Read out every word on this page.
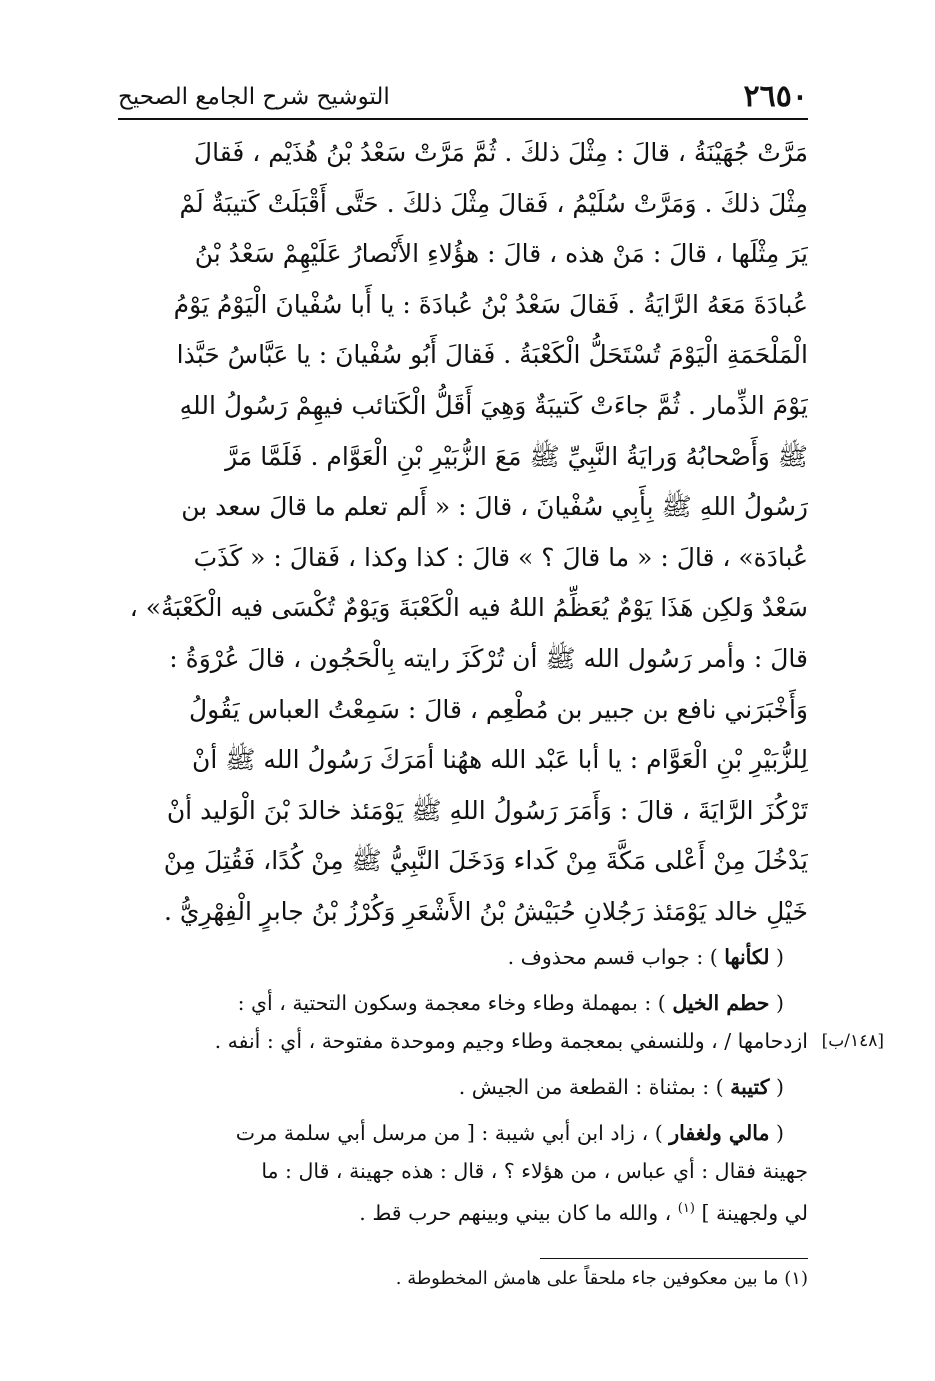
٢٦٥٠
التوشيح شرح الجامع الصحيح
مَرَّتْ جُهَيْنَةُ ، قالَ : مِثْلَ ذلكَ . ثُمَّ مَرَّتْ سَعْدُ بْنُ هُذَيْم ، فَقالَ
مِثْلَ ذلكَ . وَمَرَّتْ سُلَيْمُ ، فَقالَ مِثْلَ ذلكَ . حَتَّى أَقْبَلَتْ كَتيبَةٌ لَمْ
يَرَ مِثْلَها ، قالَ : مَنْ هذه ، قالَ : هؤُلاءِ الأَنْصارُ عَلَيْهِمْ سَعْدُ بْنُ
عُبادَةَ مَعَهُ الرَّايَةُ . فَقالَ سَعْدُ بْنُ عُبادَةَ : يا أَبا سُفْيانَ الْيَوْمُ يَوْمُ
الْمَلْحَمَةِ الْيَوْمَ تُسْتَحَلُّ الْكَعْبَةُ . فَقالَ أَبُو سُفْيانَ : يا عَبَّاسُ حَبَّذا
يَوْمَ الذِّمار . ثُمَّ جاءَتْ كَتيبَةٌ وَهِيَ أَقَلُّ الْكَتائب فيهِمْ رَسُولُ اللهِ
ﷺ وَأَصْحابُهُ وَرايَةُ النَّبِيِّ ﷺ مَعَ الزُّبَيْرِ بْنِ الْعَوَّام . فَلَمَّا مَرَّ
رَسُولُ اللهِ ﷺ بِأَبِي سُفْيانَ ، قالَ : « أَلم تعلم ما قالَ سعد بن
عُبادَة» ، قالَ : « ما قالَ ؟ » قالَ : كذا وكذا ، فَقالَ : « كَذَبَ
سَعْدٌ وَلكِن هَذَا يَوْمٌ يُعَظِّمُ اللهُ فيه الْكَعْبَةَ وَيَوْمٌ تُكْسَى فيه الْكَعْبَةُ» ،
قالَ : وأمر رَسُول الله ﷺ أن تُرْكَزَ رايته بِالْحَجُون ، قالَ عُرْوَةُ :
وَأَخْبَرَني نافع بن جبير بن مُطْعِم ، قالَ : سَمِعْتُ العباس يَقُولُ
لِلزُّبَيْرِ بْنِ الْعَوَّام : يا أبا عَبْد الله ههُنا أمَرَكَ رَسُولُ الله ﷺ أنْ
تَرْكُزَ الرَّايَةَ ، قالَ : وَأَمَرَ رَسُولُ اللهِ ﷺ يَوْمَئذ خالدَ بْنَ الْوَليد أنْ
يَدْخُلَ مِنْ أَعْلى مَكَّةَ مِنْ كَداء وَدَخَلَ النَّبِيُّ ﷺ مِنْ كُدًا، فَقُتِلَ مِنْ
خَيْلِ خالد يَوْمَئذ رَجُلانِ حُبَيْشُ بْنُ الأَشْعَرِ وَكُرْزُ بْنُ جابرٍ الْفِهْرِيُّ .
( لكأنها ) : جواب قسم محذوف .
( حطم الخيل ) : بمهملة وطاء وخاء معجمة وسكون التحتية ، أي :
ازدحامها / ، وللنسفي بمعجمة وطاء وجيم وموحدة مفتوحة ، أي : أنفه . [١٤٨/ب]
( كتيبة ) : بمثناة : القطعة من الجيش .
( مالي ولغفار ) ، زاد ابن أبي شيبة : [ من مرسل أبي سلمة مرت
جهينة فقال : أي عباس ، من هؤلاء ؟ ، قال : هذه جهينة ، قال : ما
لي ولجهينة ] $^{(١)}$ ، والله ما كان بيني وبينهم حرب قط .
(١) ما بين معكوفين جاء ملحقاً على هامش المخطوطة .
